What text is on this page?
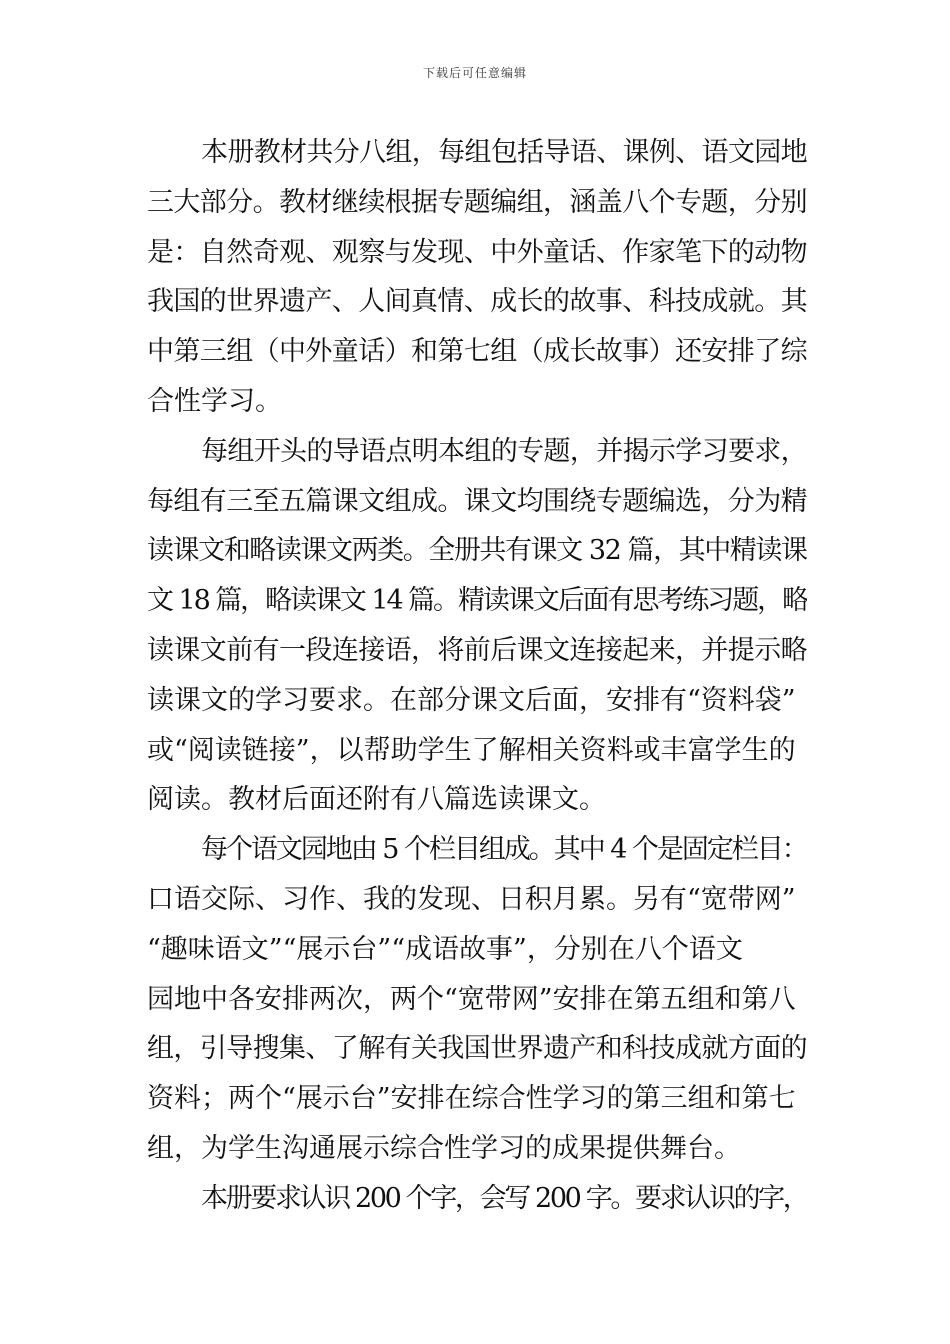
下载后可任意编辑
本册教材共分八组，每组包括导语、课例、语文园地
三大部分。教材继续根据专题编组，涵盖八个专题，分别
是：自然奇观、观察与发现、中外童话、作家笔下的动物
我国的世界遗产、人间真情、成长的故事、科技成就。其
中第三组（中外童话）和第七组（成长故事）还安排了综
合性学习。
每组开头的导语点明本组的专题，并揭示学习要求，
每组有三至五篇课文组成。课文均围绕专题编选，分为精
读课文和略读课文两类。全册共有课文 32 篇，其中精读课
文 18 篇，略读课文 14 篇。精读课文后面有思考练习题，略
读课文前有一段连接语，将前后课文连接起来，并提示略
读课文的学习要求。在部分课文后面，安排有“资料袋”
或“阅读链接”，以帮助学生了解相关资料或丰富学生的
阅读。教材后面还附有八篇选读课文。
每个语文园地由 5 个栏目组成。其中 4 个是固定栏目：
口语交际、习作、我的发现、日积月累。另有“宽带网”
“趣味语文”“展示台”“成语故事”，分别在八个语文
园地中各安排两次，两个“宽带网”安排在第五组和第八
组，引导搜集、了解有关我国世界遗产和科技成就方面的
资料；两个“展示台”安排在综合性学习的第三组和第七
组，为学生沟通展示综合性学习的成果提供舞台。
本册要求认识 200 个字，会写 200 字。要求认识的字，
